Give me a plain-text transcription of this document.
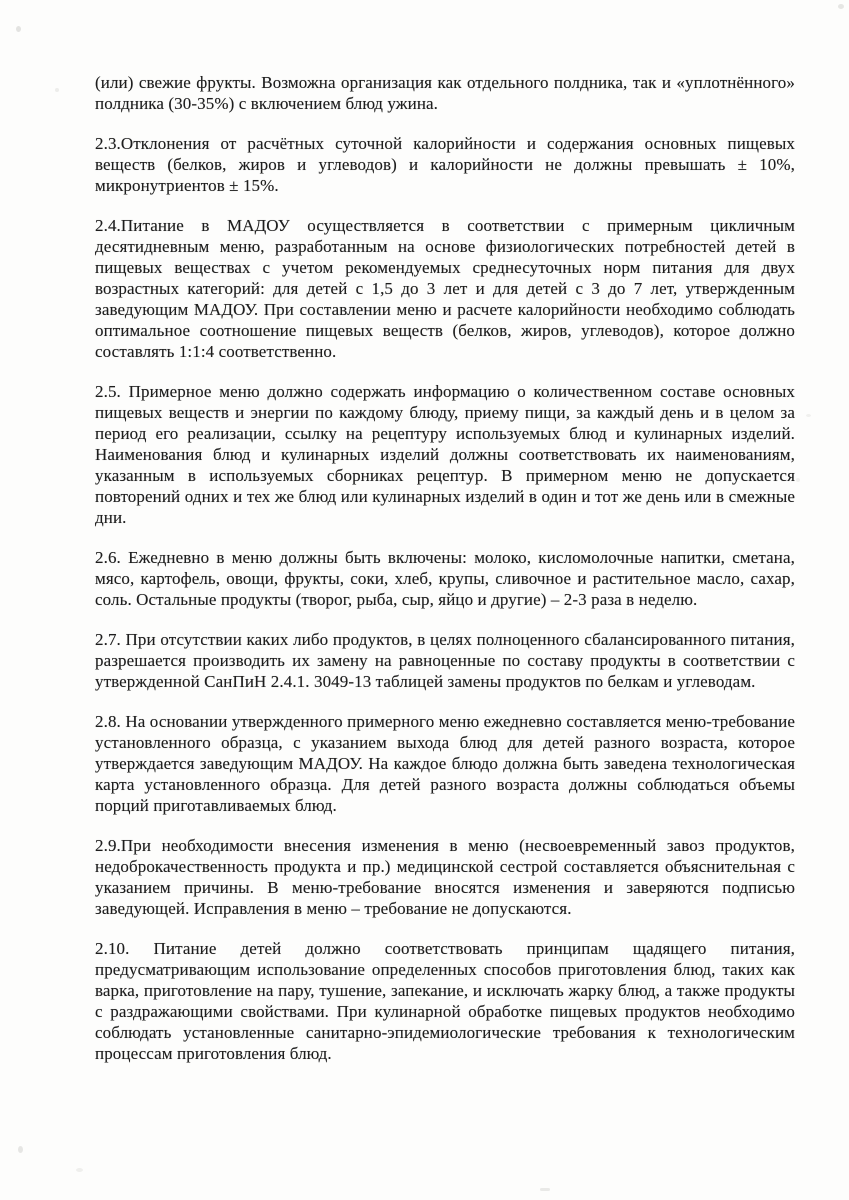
(или) свежие фрукты. Возможна организация как отдельного полдника, так и «уплотнённого» полдника (30-35%) с включением блюд ужина.

2.3.Отклонения от расчётных суточной калорийности и содержания основных пищевых веществ (белков, жиров и углеводов) и калорийности не должны превышать ± 10%, микронутриентов ± 15%.

2.4.Питание в МАДОУ осуществляется в соответствии с примерным цикличным десятидневным меню, разработанным на основе физиологических потребностей детей в пищевых веществах с учетом рекомендуемых среднесуточных норм питания для двух возрастных категорий: для детей с 1,5 до 3 лет и для детей с 3 до 7 лет, утвержденным заведующим МАДОУ. При составлении меню и расчете калорийности необходимо соблюдать оптимальное соотношение пищевых веществ (белков, жиров, углеводов), которое должно составлять 1:1:4 соответственно.

2.5. Примерное меню должно содержать информацию о количественном составе основных пищевых веществ и энергии по каждому блюду, приему пищи, за каждый день и в целом за период его реализации, ссылку на рецептуру используемых блюд и кулинарных изделий. Наименования блюд и кулинарных изделий должны соответствовать их наименованиям, указанным в используемых сборниках рецептур. В примерном меню не допускается повторений одних и тех же блюд или кулинарных изделий в один и тот же день или в смежные дни.

2.6. Ежедневно в меню должны быть включены: молоко, кисломолочные напитки, сметана, мясо, картофель, овощи, фрукты, соки, хлеб, крупы, сливочное и растительное масло, сахар, соль. Остальные продукты (творог, рыба, сыр, яйцо и другие) – 2-3 раза в неделю.

2.7. При отсутствии каких либо продуктов, в целях полноценного сбалансированного питания, разрешается производить их замену на равноценные по составу продукты в соответствии с утвержденной СанПиН 2.4.1. 3049-13 таблицей замены продуктов по белкам и углеводам.

2.8. На основании утвержденного примерного меню ежедневно составляется меню-требование установленного образца, с указанием выхода блюд для детей разного возраста, которое утверждается заведующим МАДОУ. На каждое блюдо должна быть заведена технологическая карта установленного образца. Для детей разного возраста должны соблюдаться объемы порций приготавливаемых блюд.

2.9.При необходимости внесения изменения в меню (несвоевременный завоз продуктов, недоброкачественность продукта и пр.) медицинской сестрой составляется объяснительная с указанием причины. В меню-требование вносятся изменения и заверяются подписью заведующей. Исправления в меню – требование не допускаются.

2.10. Питание детей должно соответствовать принципам щадящего питания, предусматривающим использование определенных способов приготовления блюд, таких как варка, приготовление на пару, тушение, запекание, и исключать жарку блюд, а также продукты с раздражающими свойствами. При кулинарной обработке пищевых продуктов необходимо соблюдать установленные санитарно-эпидемиологические требования к технологическим процессам приготовления блюд.
